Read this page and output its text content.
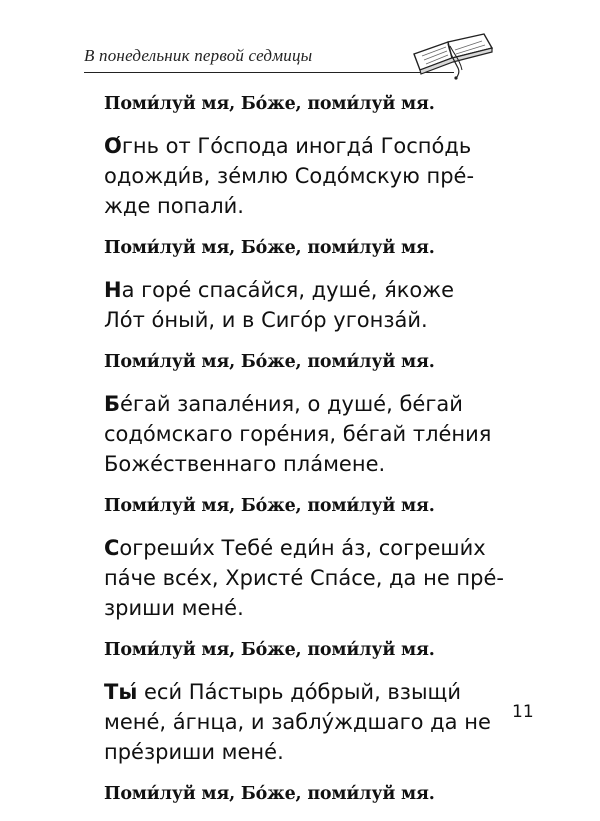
В понедельник первой седмицы
Поми́луй мя, Бо́же, поми́луй мя.
О́гнь от Го́спода иногда́ Госпо́дь
одожди́в, зе́млю Содо́мскую пре́-
жде попали́.
Поми́луй мя, Бо́же, поми́луй мя.
На горе́ спаса́йся, душе́, я́коже
Ло́т о́ный, и в Сиго́р угонза́й.
Поми́луй мя, Бо́же, поми́луй мя.
Бе́гай запале́ния, о душе́, бе́гай
содо́мскаго горе́ния, бе́гай тле́ния
Боже́ственнаго пла́мене.
Поми́луй мя, Бо́же, поми́луй мя.
Согреши́х Тебе́ еди́н а́з, согреши́х
па́че все́х, Христе́ Спа́се, да не пре́-
зриши мене́.
Поми́луй мя, Бо́же, поми́луй мя.
Ты́ еси́ Па́стырь до́брый, взыщи́
мене́, а́гнца, и заблу́ждшаго да не
пре́зриши мене́.
Поми́луй мя, Бо́же, поми́луй мя.
11
